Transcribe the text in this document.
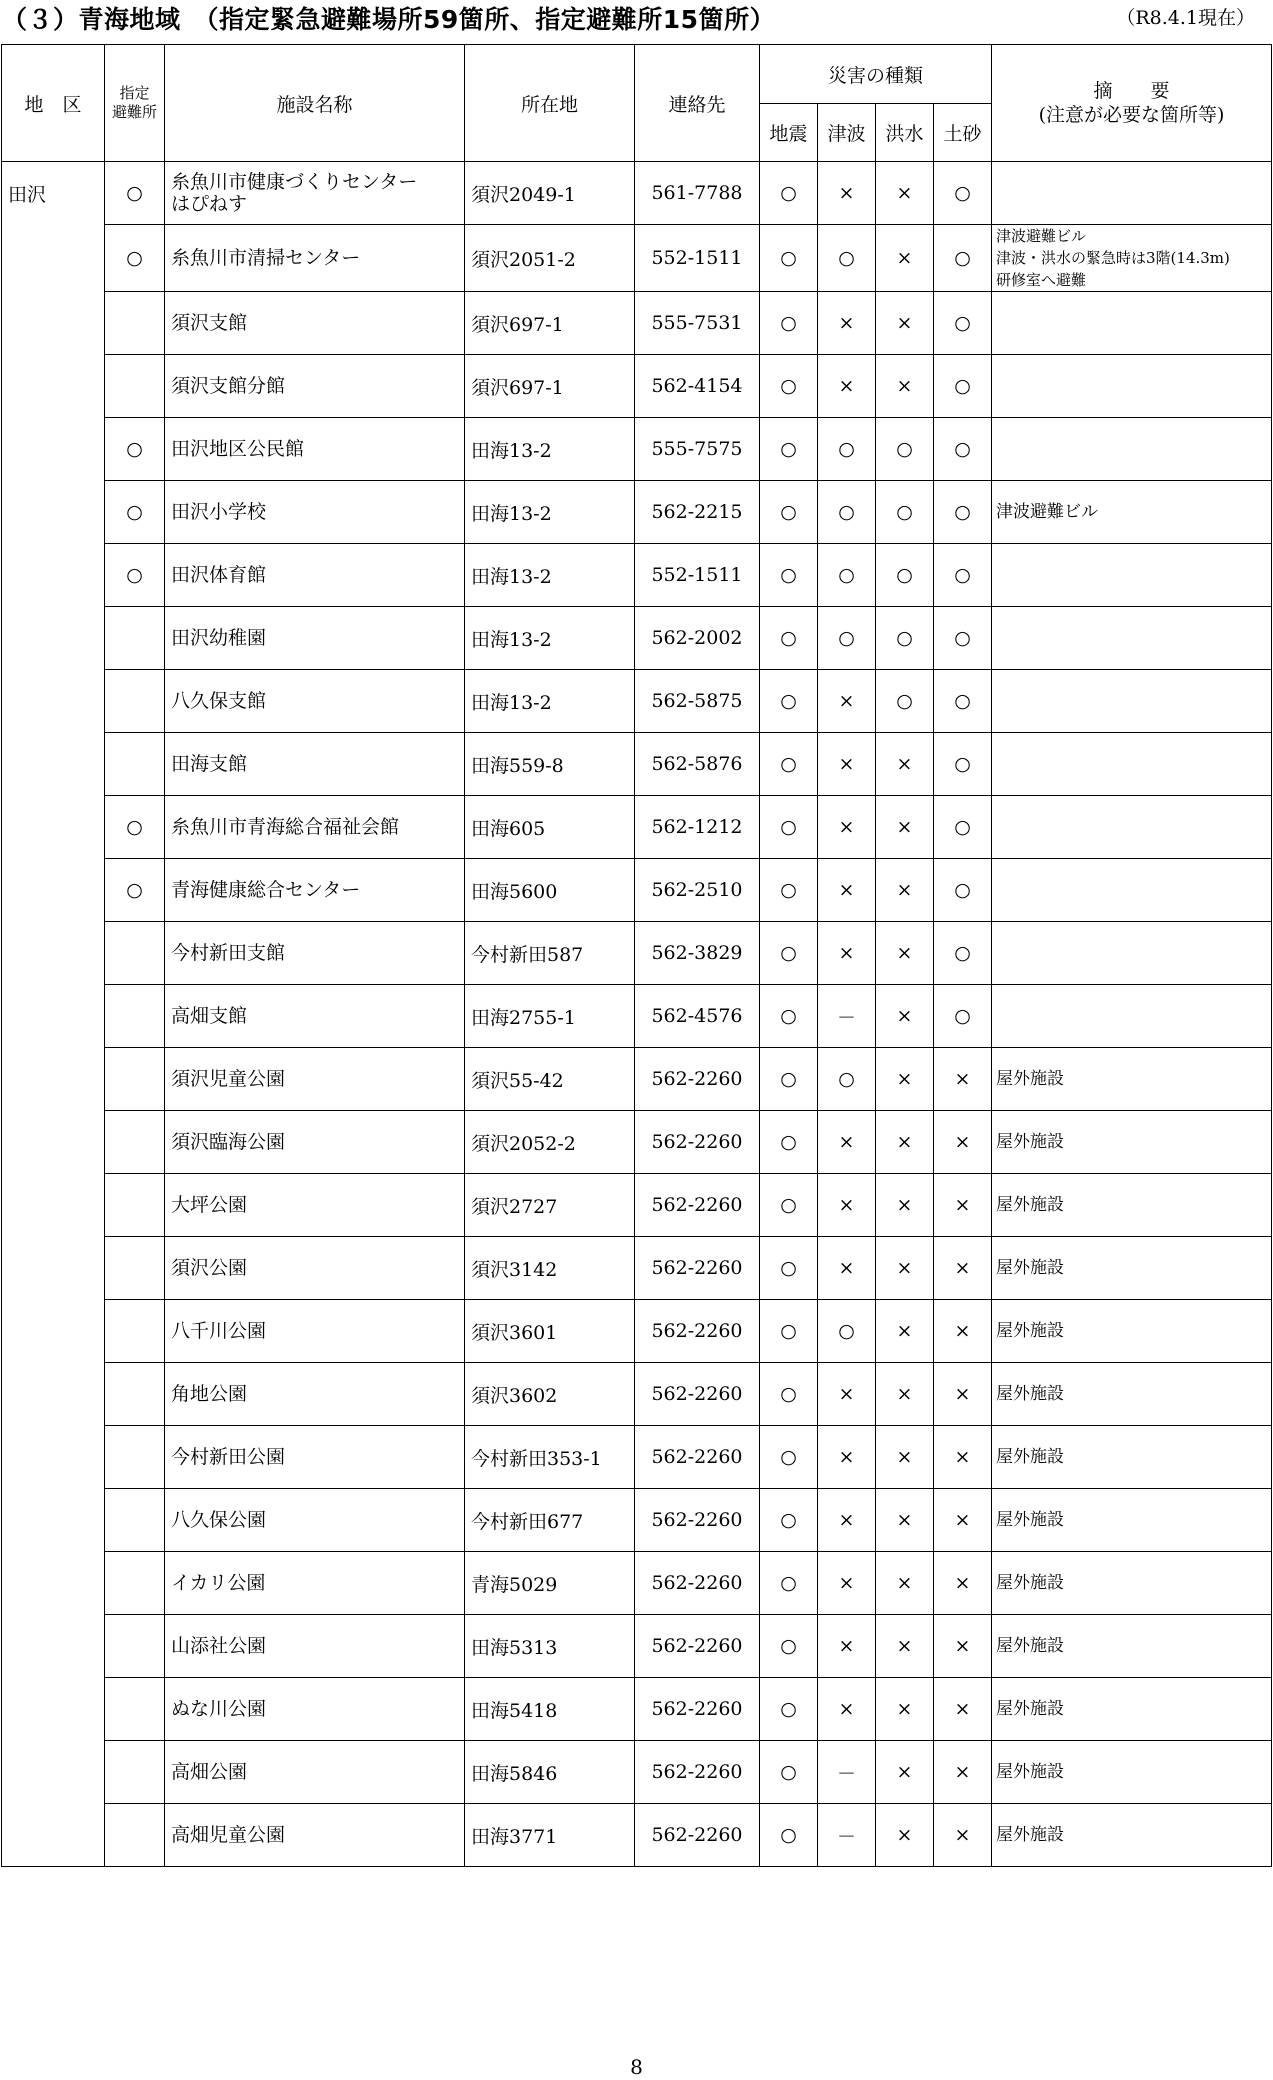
（３）青海地域　（指定緊急避難場所59箇所、指定避難所15箇所）	（R8.4.1現在）
地　区	指定
避難所	施設名称	所在地	連絡先	災害の種類				摘　　要
(注意が必要な箇所等)
					地震	津波	洪水	土砂	
田沢	○	糸魚川市健康づくりセンター
はぴねす	須沢2049-1	561-7788	○	×	×	○	
	○	糸魚川市清掃センター	須沢2051-2	552-1511	○	○	×	○	津波避難ビル
津波・洪水の緊急時は3階(14.3m)
研修室へ避難
		須沢支館	須沢697-1	555-7531	○	×	×	○	
		須沢支館分館	須沢697-1	562-4154	○	×	×	○	
	○	田沢地区公民館	田海13-2	555-7575	○	○	○	○	
	○	田沢小学校	田海13-2	562-2215	○	○	○	○	津波避難ビル
	○	田沢体育館	田海13-2	552-1511	○	○	○	○	
		田沢幼稚園	田海13-2	562-2002	○	○	○	○	
		八久保支館	田海13-2	562-5875	○	×	○	○	
		田海支館	田海559-8	562-5876	○	×	×	○	
	○	糸魚川市青海総合福祉会館	田海605	562-1212	○	×	×	○	
	○	青海健康総合センター	田海5600	562-2510	○	×	×	○	
		今村新田支館	今村新田587	562-3829	○	×	×	○	
		高畑支館	田海2755-1	562-4576	○	－	×	○	
		須沢児童公園	須沢55-42	562-2260	○	○	×	×	屋外施設
		須沢臨海公園	須沢2052-2	562-2260	○	×	×	×	屋外施設
		大坪公園	須沢2727	562-2260	○	×	×	×	屋外施設
		須沢公園	須沢3142	562-2260	○	×	×	×	屋外施設
		八千川公園	須沢3601	562-2260	○	○	×	×	屋外施設
		角地公園	須沢3602	562-2260	○	×	×	×	屋外施設
		今村新田公園	今村新田353-1	562-2260	○	×	×	×	屋外施設
		八久保公園	今村新田677	562-2260	○	×	×	×	屋外施設
		イカリ公園	青海5029	562-2260	○	×	×	×	屋外施設
		山添社公園	田海5313	562-2260	○	×	×	×	屋外施設
		ぬな川公園	田海5418	562-2260	○	×	×	×	屋外施設
		高畑公園	田海5846	562-2260	○	－	×	×	屋外施設
		高畑児童公園	田海3771	562-2260	○	－	×	×	屋外施設
8
